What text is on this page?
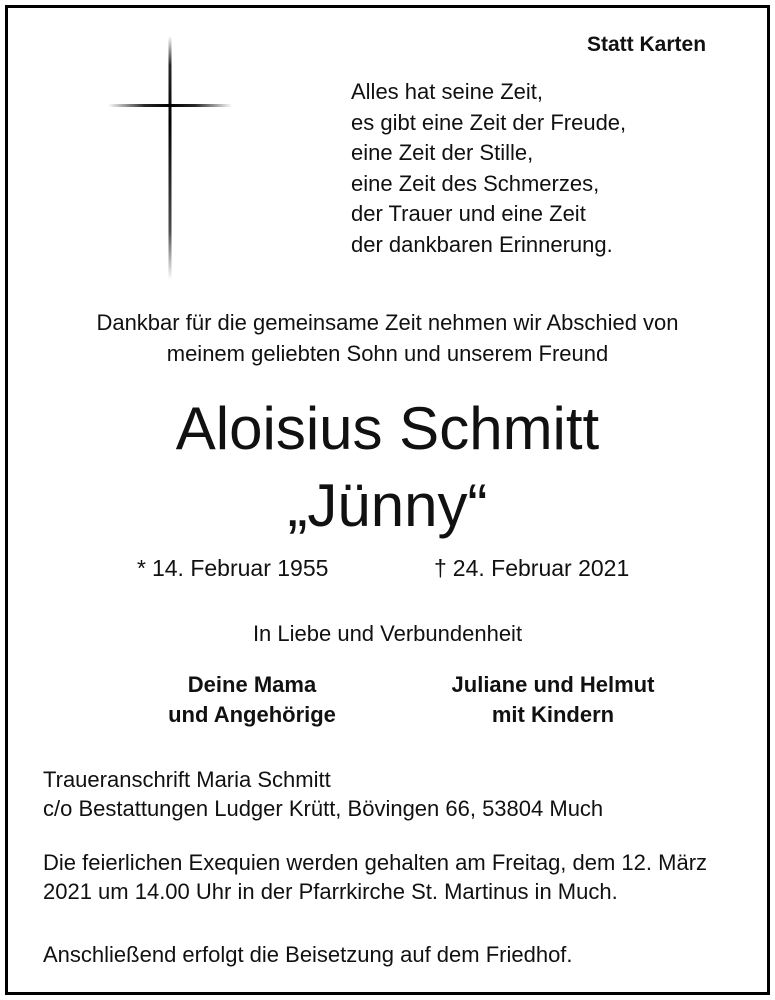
Statt Karten
Alles hat seine Zeit,
es gibt eine Zeit der Freude,
eine Zeit der Stille,
eine Zeit des Schmerzes,
der Trauer und eine Zeit
der dankbaren Erinnerung.
Dankbar für die gemeinsame Zeit nehmen wir Abschied von
meinem geliebten Sohn und unserem Freund
Aloisius Schmitt
„Jünny“
* 14. Februar 1955	† 24. Februar 2021
In Liebe und Verbundenheit
Deine Mama
und Angehörige
Juliane und Helmut
mit Kindern
Traueranschrift Maria Schmitt
c/o Bestattungen Ludger Krütt, Bövingen 66, 53804 Much
Die feierlichen Exequien werden gehalten am Freitag, dem 12. März 2021 um 14.00 Uhr in der Pfarrkirche St. Martinus in Much.
Anschließend erfolgt die Beisetzung auf dem Friedhof.
